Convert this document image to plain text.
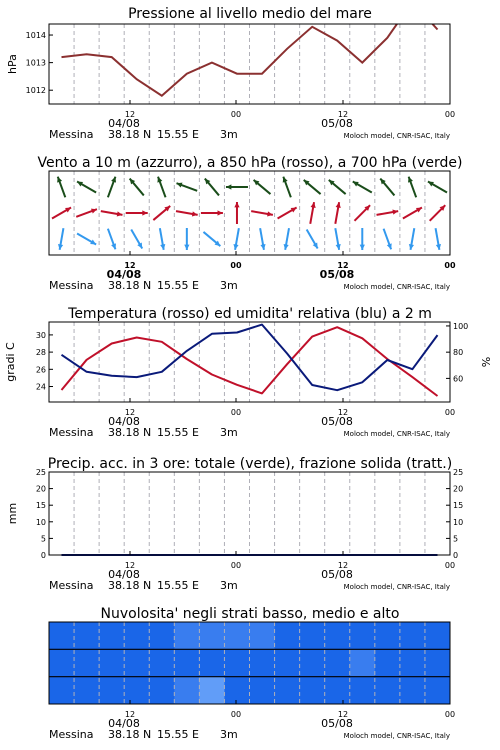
Pressione al livello medio del mare
Vento a 10 m (azzurro), a 850 hPa (rosso), a 700 hPa (verde)
Temperatura (rosso) ed umidita' relativa (blu) a 2 m
Precip. acc. in 3 ore: totale (verde), frazione solida (tratt.)
Nuvolosita' negli strati basso, medio e alto
1012
1013
1014
hPa
12	00	12	00
04/08	05/08
Messina 38.18 N 15.55 E 3m	Moloch model, CNR-ISAC, Italy
12	00	12	00
04/08	05/08
Messina 38.18 N 15.55 E 3m	Moloch model, CNR-ISAC, Italy
24
26
28
30
60
80
100
gradi C	%
12	00	12	00
04/08	05/08
Messina 38.18 N 15.55 E 3m	Moloch model, CNR-ISAC, Italy
0
5
10
15
20
25
0
5
10
15
20
25
mm
12	00	12	00
04/08	05/08
Messina 38.18 N 15.55 E 3m	Moloch model, CNR-ISAC, Italy
12	00	12	00
04/08	05/08
Messina 38.18 N 15.55 E 3m	Moloch model, CNR-ISAC, Italy
